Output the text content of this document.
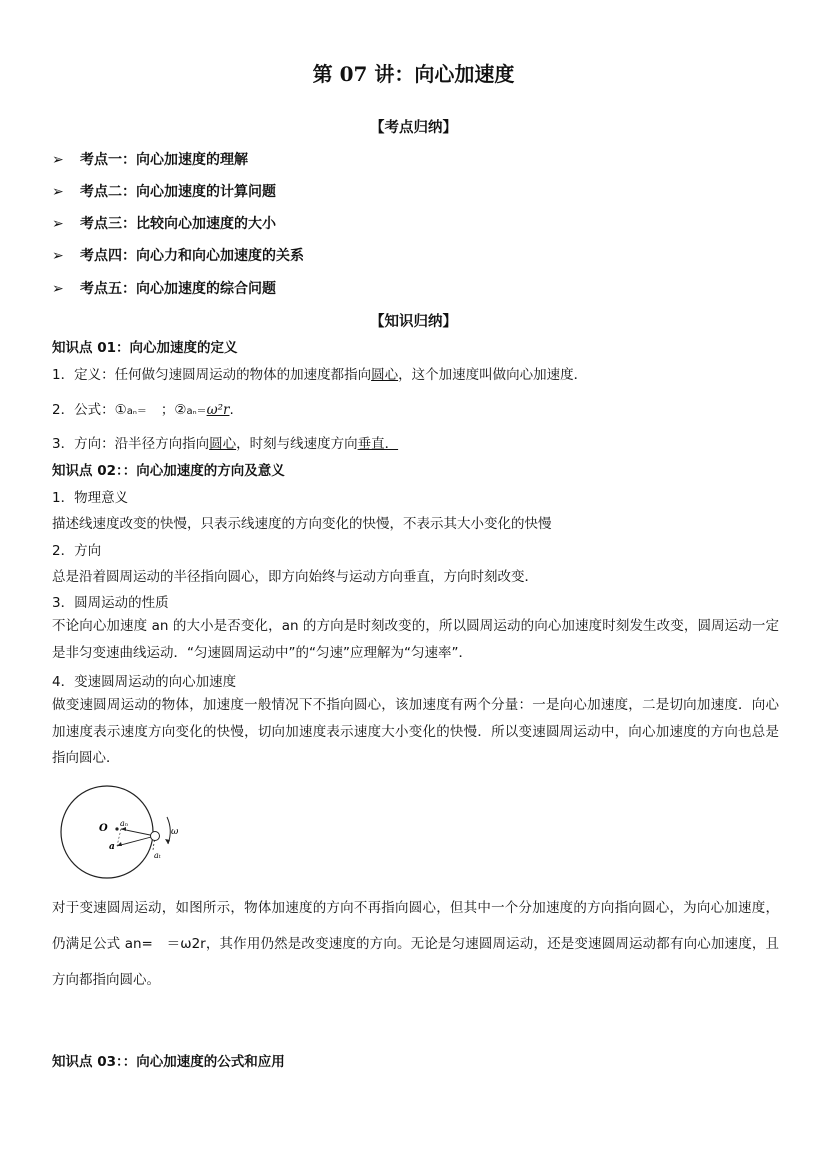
第 07 讲：向心加速度
【考点归纳】
➢ 考点一：向心加速度的理解
➢ 考点二：向心加速度的计算问题
➢ 考点三：比较向心加速度的大小
➢ 考点四：向心力和向心加速度的关系
➢ 考点五：向心加速度的综合问题
【知识归纳】
知识点 01：向心加速度的定义
1．定义：任何做匀速圆周运动的物体的加速度都指向圆心，这个加速度叫做向心加速度．
2．公式：①aₙ＝ ；②aₙ＝ω²r.
3．方向：沿半径方向指向圆心，时刻与线速度方向垂直．
知识点 02：：向心加速度的方向及意义
1．物理意义
描述线速度改变的快慢，只表示线速度的方向变化的快慢，不表示其大小变化的快慢
2．方向
总是沿着圆周运动的半径指向圆心，即方向始终与运动方向垂直，方向时刻改变．
3．圆周运动的性质
不论向心加速度 an 的大小是否变化，an 的方向是时刻改变的，所以圆周运动的向心加速度时刻发生改变，圆周运动一定是非匀变速曲线运动．“匀速圆周运动中”的“匀速”应理解为“匀速率”．
4．变速圆周运动的向心加速度
做变速圆周运动的物体，加速度一般情况下不指向圆心，该加速度有两个分量：一是向心加速度，二是切向加速度．向心加速度表示速度方向变化的快慢，切向加速度表示速度大小变化的快慢．所以变速圆周运动中，向心加速度的方向也总是指向圆心．
O aₙ
a
aₜ
ω
对于变速圆周运动，如图所示，物体加速度的方向不再指向圆心，但其中一个分加速度的方向指向圆心，为向心加速度，仍满足公式 an=　＝ω2r，其作用仍然是改变速度的方向。无论是匀速圆周运动，还是变速圆周运动都有向心加速度，且方向都指向圆心。
知识点 03：：向心加速度的公式和应用
